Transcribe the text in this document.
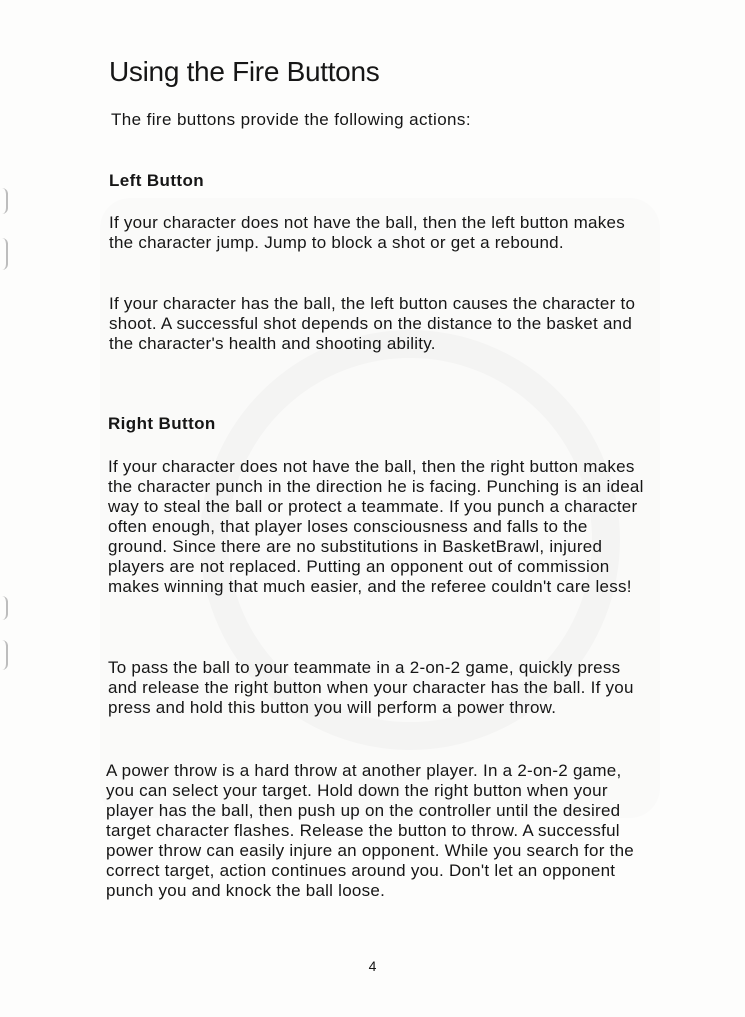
Using the Fire Buttons

The fire buttons provide the following actions:

Left Button

If your character does not have the ball, then the left button makes the character jump. Jump to block a shot or get a rebound.

If your character has the ball, the left button causes the character to shoot. A successful shot depends on the distance to the basket and the character's health and shooting ability.

Right Button

If your character does not have the ball, then the right button makes the character punch in the direction he is facing. Punching is an ideal way to steal the ball or protect a teammate. If you punch a character often enough, that player loses consciousness and falls to the ground. Since there are no substitutions in BasketBrawl, injured players are not replaced. Putting an opponent out of commission makes winning that much easier, and the referee couldn't care less!

To pass the ball to your teammate in a 2-on-2 game, quickly press and release the right button when your character has the ball. If you press and hold this button you will perform a power throw.

A power throw is a hard throw at another player. In a 2-on-2 game, you can select your target. Hold down the right button when your player has the ball, then push up on the controller until the desired target character flashes. Release the button to throw. A successful power throw can easily injure an opponent. While you search for the correct target, action continues around you. Don't let an opponent punch you and knock the ball loose.

4
